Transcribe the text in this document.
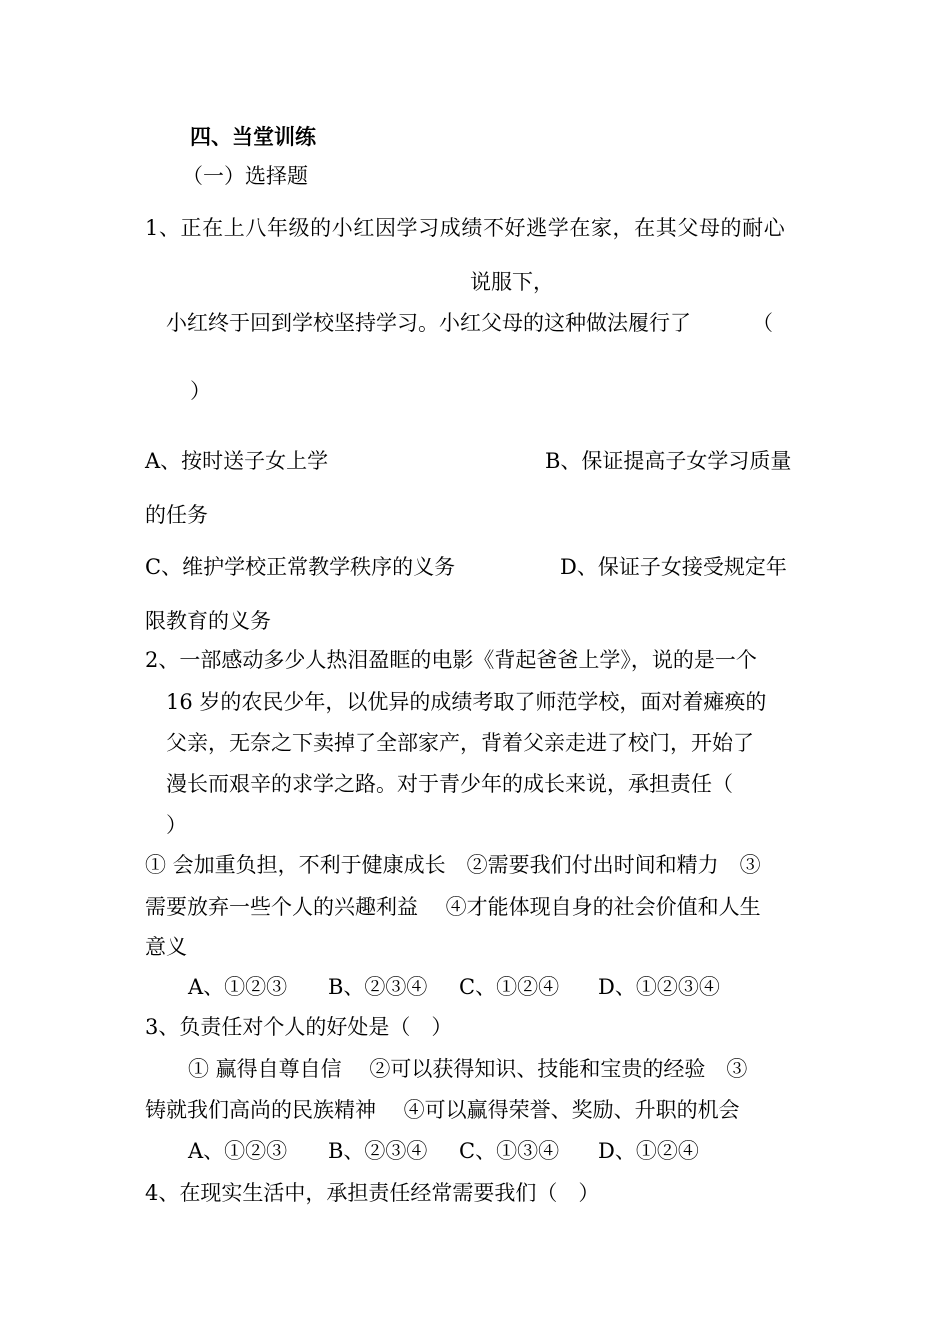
四、当堂训练
（一）选择题
1、正在上八年级的小红因学习成绩不好逃学在家，在其父母的耐心
说服下，
小红终于回到学校坚持学习。小红父母的这种做法履行了	（
）
A、按时送子女上学	B、保证提高子女学习质量
的任务
C、维护学校正常教学秩序的义务	D、保证子女接受规定年
限教育的义务
2、一部感动多少人热泪盈眶的电影《背起爸爸上学》，说的是一个
16 岁的农民少年，以优异的成绩考取了师范学校，面对着瘫痪的
父亲，无奈之下卖掉了全部家产，背着父亲走进了校门，开始了
漫长而艰辛的求学之路。对于青少年的成长来说，承担责任（
）
① 会加重负担，不利于健康成长　②需要我们付出时间和精力　③
需要放弃一些个人的兴趣利益　 ④才能体现自身的社会价值和人生
意义
A、①②③ B、②③④ C、①②④ D、①②③④
3、负责任对个人的好处是（　）
① 赢得自尊自信　 ②可以获得知识、技能和宝贵的经验　③
铸就我们高尚的民族精神　 ④可以赢得荣誉、奖励、升职的机会
A、①②③ B、②③④ C、①③④ D、①②④
4、在现实生活中，承担责任经常需要我们（　）
